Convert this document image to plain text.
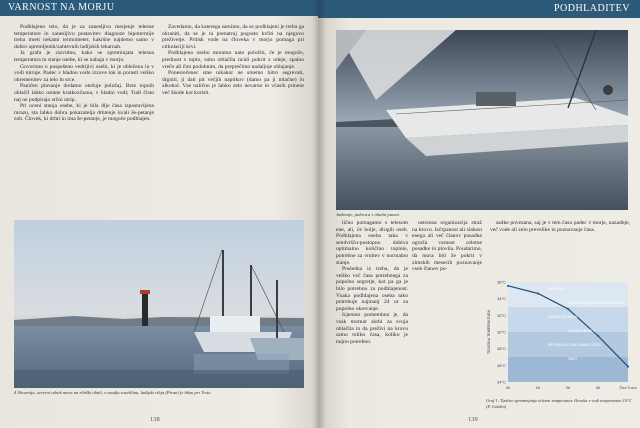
VARNOST NA MORJU

Podhlajeno telo, da je za zanesljivo merjenje telesne temperature in zanesljivo postavitev diagnoze hipotermije treba imeti nekatni termometer, kakršne najdemo samo v dobro opremljenih/zahtevnih ladijskih lekarnah.

Ja grafa je razvidno, kako se spreminjata telesna temperatura in stanje osebe, ki se nahaja v morju.

Govorimo o pospešeno vedrijivi osebi, ki je oblečena in v vodi miruje. Padec v hladno vodo izzove lok in porasti veliko obremenitev za telo in srce.

Paničen plavanje dodatno otežuje položaj. Brez topnih oblačil lahko ostane kratkozčasna, v hladni vodi; Tudi čisto naj ne podpirajo srčni utrip.

Pri oceni stanja osebe, ki je bila dlje časa izpostavljena mrazu, sta lahko dobra pokazatelja drhtenje in/ali še-petanje zob. Človek, ki drhti in ima še-petanje, je mogoče podhlajen.

Zavedamo, da katerega samimo, da se podhlajeni je treba ga ohraniti, da se je ta prenatruj pogosto krčiti na njegovo preživetje. Pritisk vode na človeka v morju pomaga pri cirkulaciji krvi.

Podhlajeno osebo moramo nato položiti, če je mogoče, prednost s toplo, suho oblačila in/ali pokrit z odeje, spalno vrečo ali čim podobnim, da preprečimo nadaljnje ohlajanje.

Ponesrečenec sme nikakor ne smemo hitro segrevati, drgniti, ji dati pit večjih napitkov (damo pa ji mlačne) in alkohol. Vse nalično je lahko zelo nevarno in včasih prinese več škode kot koristi.

4 Slovenija, severni odsek mora na ribiški obali, v ozadju soseščina, ladijski ribja (Piran) je blizu pri Trstu
138
PODHLADITEV
Jadranje, jadrnica v obalni pasovi

lično pomagamo s telesom ene, ali, če bolje, drugih oseb. Podhlajena oseba taka v sendvišču-postopno dobiva optimalno količino toplote, potrebne za vrnitev v normalno stanje.

Posledna iz treba, da je veliko več časa potrebnega za popolno segretje, kot pa ga je bilo potrebno za podhlajenost. Vsaka podhlajena oseba tako potrebuje najmanj 24 ur za popolno okrevanje.

Izjemno pomembno je, da vsak mornar skrbi za svoja oblačila in da preživi na krovu samo toliko časa, koliko je nujno potrebno.

ustrezna organizacija straž na krovu. Izčrpanost ali slabost enega ali več članov posadke ogroža varnost celotne posadke in plovila. Poudarimo, da mora biti že pokrit v zimskih mesecih poznavanje vseh članov po-

sadke povezana, saj je v tem času padec v morje, nazadnje, več vode ali zelo prevelike in poznavanje časa.

36°C
34°C
32°C
30°C
28°C
26°C
24°C
TELESNA TEMPERATURA
0h	1h	2h	3h	Čez 3 ure
DRHTENJE
ZMEDENOST, SLABA ORIENTACIJA
IZGUBA SPOMINA
IZGUBA ZAVESTI
NEPRAVILNO DELOVANJE SRCA
SMRT
Graf 1: Tipično spreminjanje telesne temperature človeka v vodi temperature 10°C (F. Golden)
139
